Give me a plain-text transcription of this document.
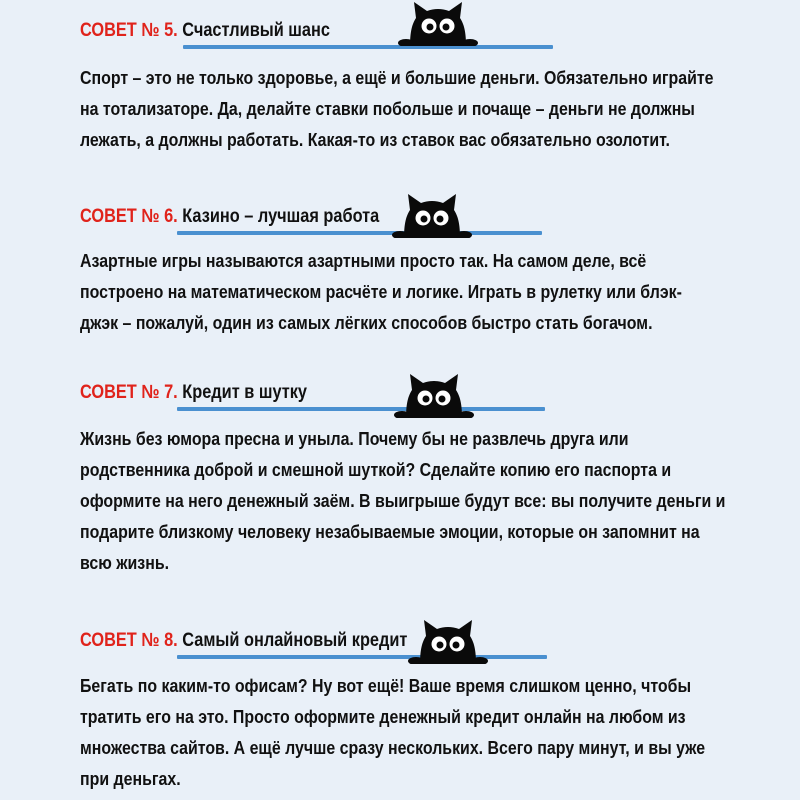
СОВЕТ № 5. Счастливый шанс
Спорт – это не только здоровье, а ещё и большие деньги. Обязательно играйте
на тотализаторе. Да, делайте ставки побольше и почаще – деньги не должны
лежать, а должны работать. Какая-то из ставок вас обязательно озолотит.
СОВЕТ № 6. Казино – лучшая работа
Азартные игры называются азартными просто так. На самом деле, всё
построено на математическом расчёте и логике. Играть в рулетку или блэк-
джэк – пожалуй, один из самых лёгких способов быстро стать богачом.
СОВЕТ № 7. Кредит в шутку
Жизнь без юмора пресна и уныла. Почему бы не развлечь друга или
родственника доброй и смешной шуткой? Сделайте копию его паспорта и
оформите на него денежный заём. В выигрыше будут все: вы получите деньги и
подарите близкому человеку незабываемые эмоции, которые он запомнит на
всю жизнь.
СОВЕТ № 8. Самый онлайновый кредит
Бегать по каким-то офисам? Ну вот ещё! Ваше время слишком ценно, чтобы
тратить его на это. Просто оформите денежный кредит онлайн на любом из
множества сайтов. А ещё лучше сразу нескольких. Всего пару минут, и вы уже
при деньгах.
